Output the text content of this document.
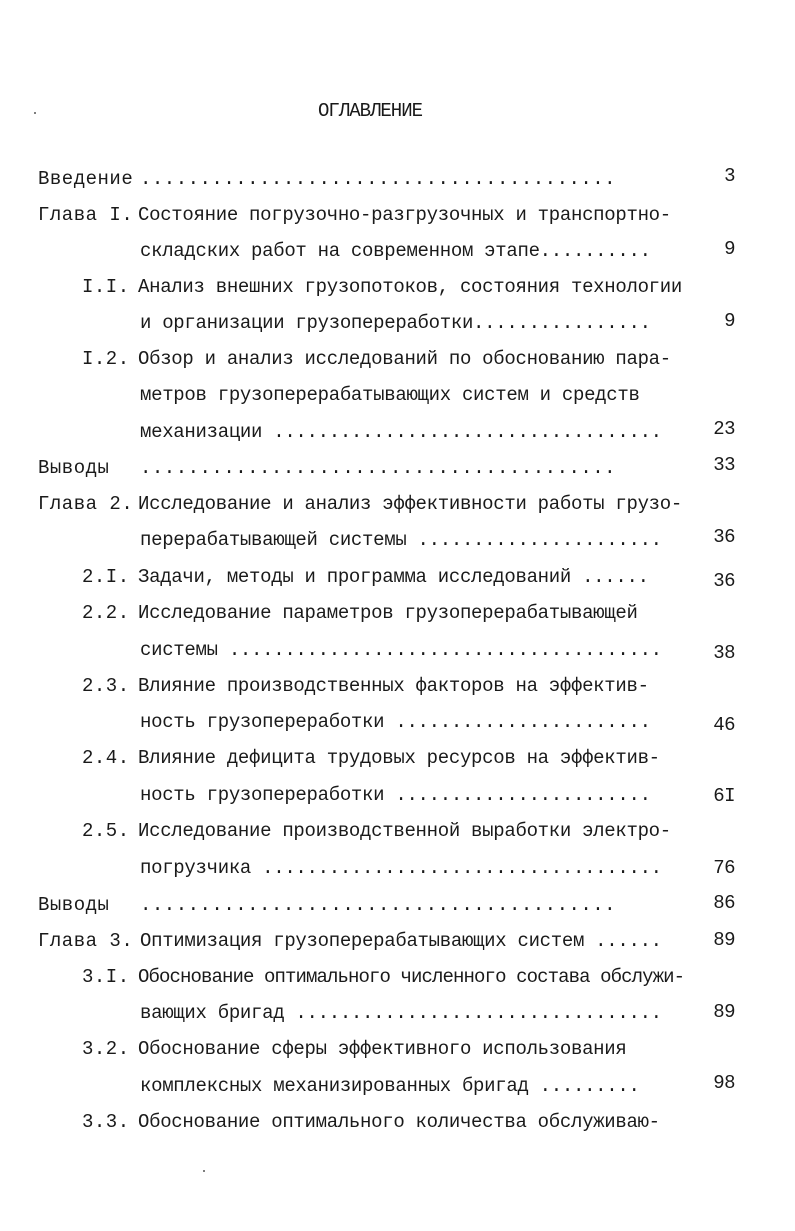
ОГЛАВЛЕНИЕ
Введение ........................................	3
Глава I. Состояние погрузочно-разгрузочных и транспортно-
складских работ на современном этапе..........	9
I.I. Анализ внешних грузопотоков, состояния технологии
и организации грузопереработки................	9
I.2. Обзор и анализ исследований по обоснованию пара-
метров грузоперерабатывающих систем и средств
механизации ...................................	23
Выводы ........................................	33
Глава 2. Исследование и анализ эффективности работы грузо-
перерабатывающей системы ......................	36
2.I. Задачи, методы и программа исследований ......	36
2.2. Исследование параметров грузоперерабатывающей
системы .......................................	38
2.3. Влияние производственных факторов на эффектив-
ность грузопереработки .......................	46
2.4. Влияние дефицита трудовых ресурсов на эффектив-
ность грузопереработки .......................	6I
2.5. Исследование производственной выработки электро-
погрузчика ....................................	76
Выводы ........................................	86
Глава 3. Оптимизация грузоперерабатывающих систем ......	89
3.I. Обоснование оптимального численного состава обслужи-
вающих бригад .................................	89
3.2. Обоснование сферы эффективного использования
комплексных механизированных бригад .........	98
3.3. Обоснование оптимального количества обслуживаю-
